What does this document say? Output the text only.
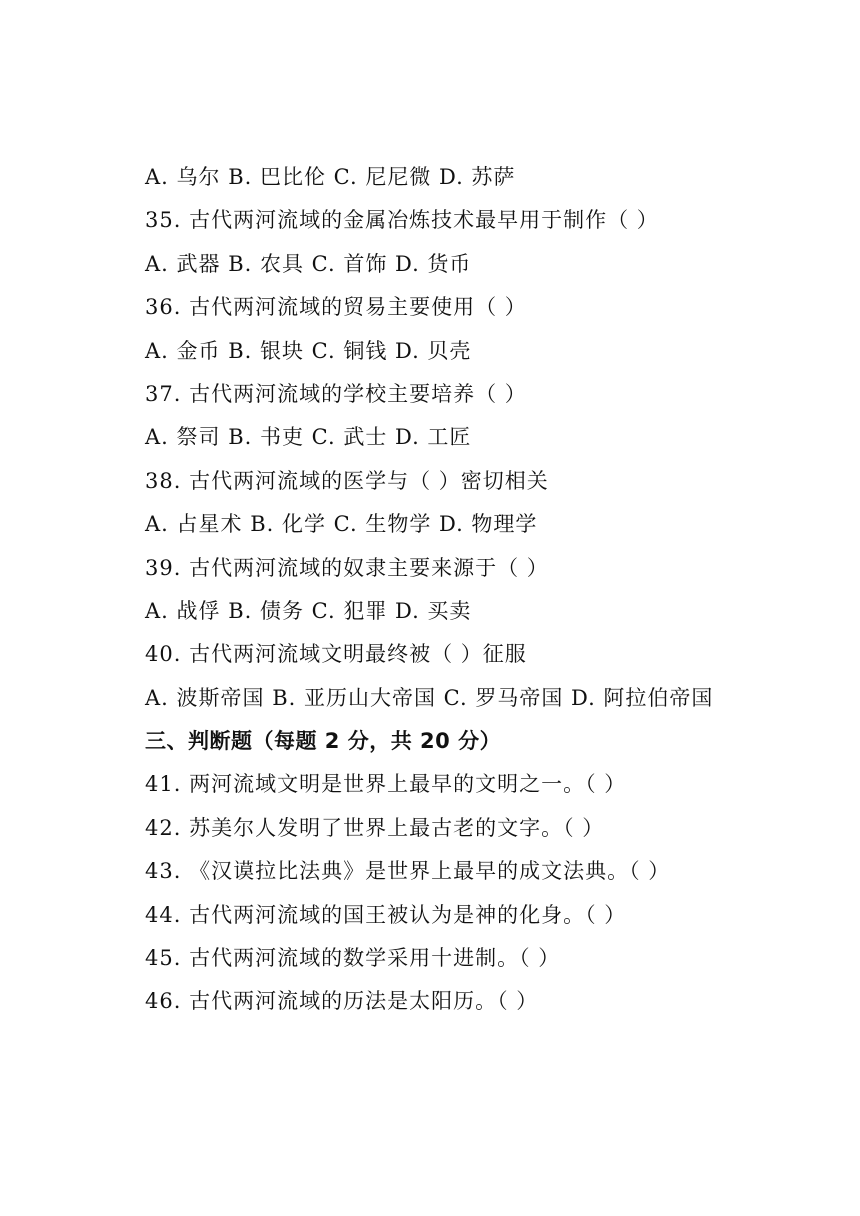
A. 乌尔 B. 巴比伦 C. 尼尼微 D. 苏萨
35. 古代两河流域的金属冶炼技术最早用于制作（ ）
A. 武器 B. 农具 C. 首饰 D. 货币
36. 古代两河流域的贸易主要使用（ ）
A. 金币 B. 银块 C. 铜钱 D. 贝壳
37. 古代两河流域的学校主要培养（ ）
A. 祭司 B. 书吏 C. 武士 D. 工匠
38. 古代两河流域的医学与（ ）密切相关
A. 占星术 B. 化学 C. 生物学 D. 物理学
39. 古代两河流域的奴隶主要来源于（ ）
A. 战俘 B. 债务 C. 犯罪 D. 买卖
40. 古代两河流域文明最终被（ ）征服
A. 波斯帝国 B. 亚历山大帝国 C. 罗马帝国 D. 阿拉伯帝国
三、判断题（每题 2 分，共 20 分）
41. 两河流域文明是世界上最早的文明之一。（ ）
42. 苏美尔人发明了世界上最古老的文字。（ ）
43. 《汉谟拉比法典》是世界上最早的成文法典。（ ）
44. 古代两河流域的国王被认为是神的化身。（ ）
45. 古代两河流域的数学采用十进制。（ ）
46. 古代两河流域的历法是太阳历。（ ）
